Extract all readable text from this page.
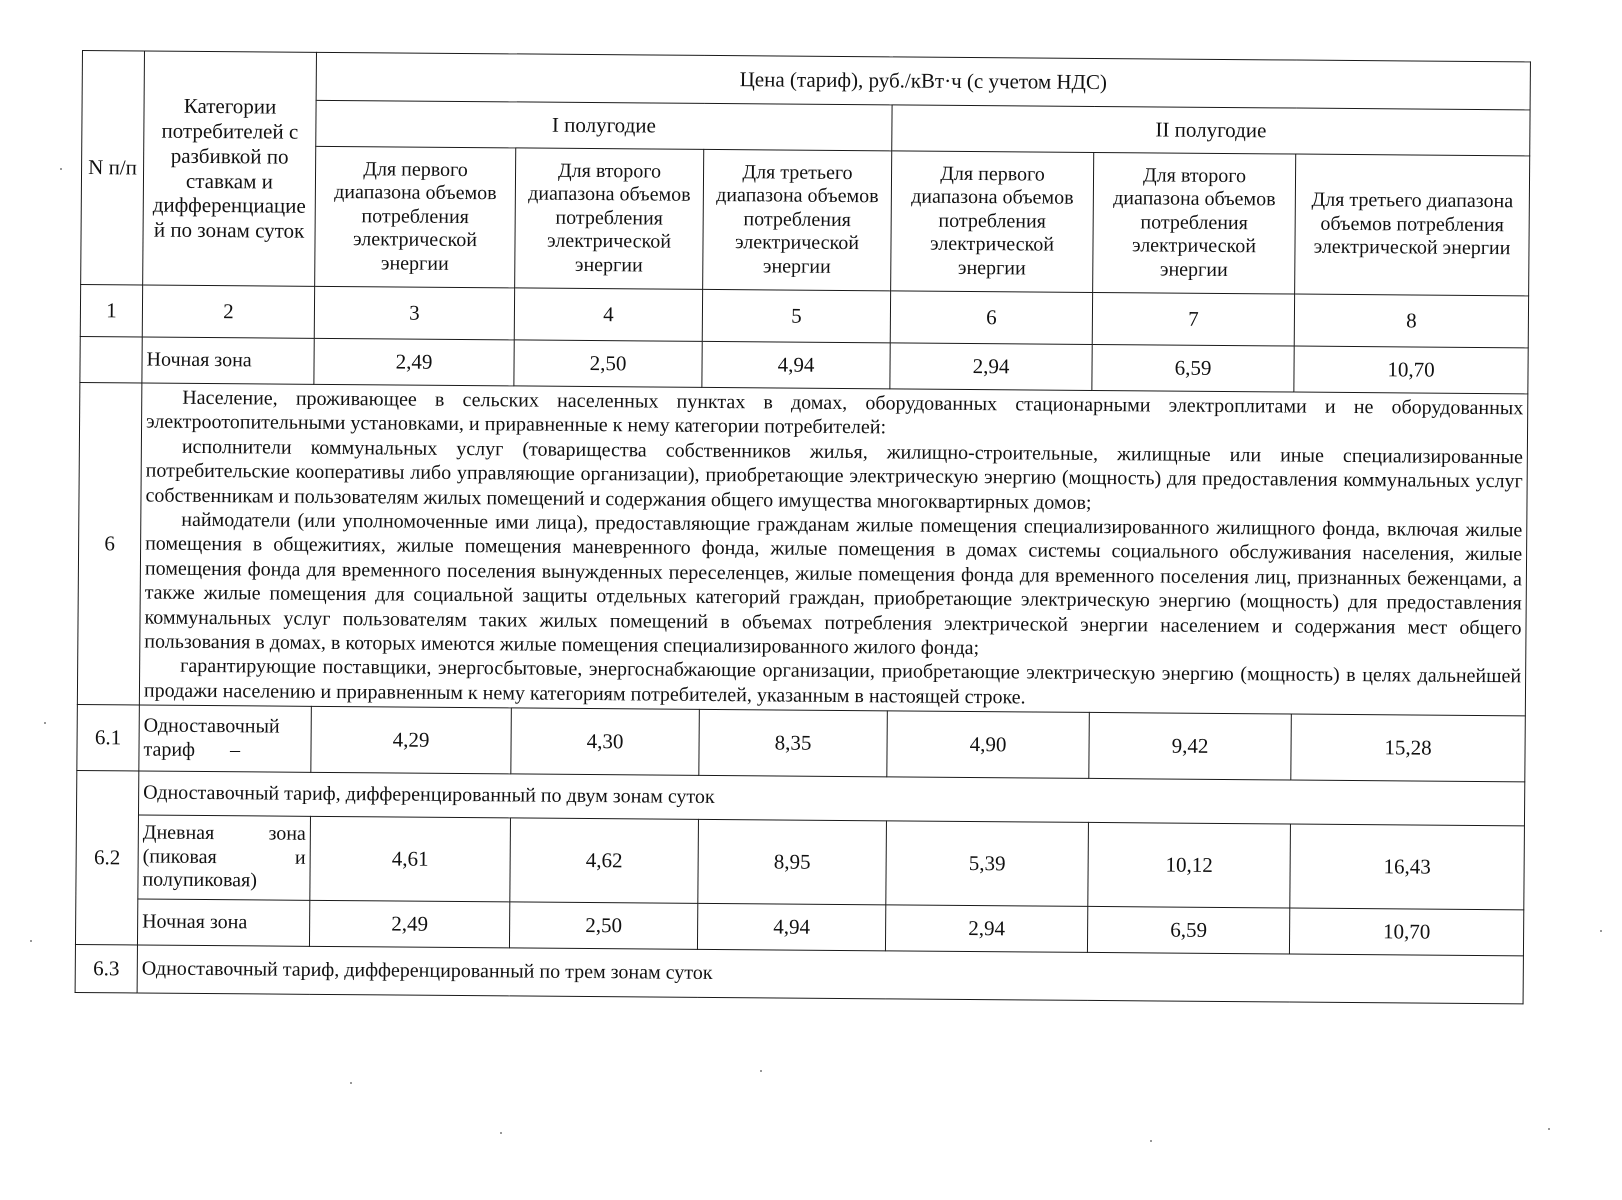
N п/п	Категории потребителей с разбивкой по ставкам и дифференциацие й по зонам суток	Цена (тариф), руб./кВт·ч (с учетом НДС)					
		I полугодие			II полугодие		
		Для первого диапазона объемов потребления электрической энергии	Для второго диапазона объемов потребления электрической энергии	Для третьего диапазона объемов потребления электрической энергии	Для первого диапазона объемов потребления электрической энергии	Для второго диапазона объемов потребления электрической энергии	Для третьего диапазона объемов потребления электрической энергии
1	2	3	4	5	6	7	8
	Ночная зона	2,49	2,50	4,94	2,94	6,59	10,70
6	Население, проживающее в сельских населенных пунктах в домах, оборудованных стационарными электроплитами и не оборудованных электроотопительными установками, и приравненные к нему категории потребителей:

исполнители коммунальных услуг (товарищества собственников жилья, жилищно-строительные, жилищные или иные специализированные потребительские кооперативы либо управляющие организации), приобретающие электрическую энергию (мощность) для предоставления коммунальных услуг собственникам и пользователям жилых помещений и содержания общего имущества многоквартирных домов;

наймодатели (или уполномоченные ими лица), предоставляющие гражданам жилые помещения специализированного жилищного фонда, включая жилые помещения в общежитиях, жилые помещения маневренного фонда, жилые помещения в домах системы социального обслуживания населения, жилые помещения фонда для временного поселения вынужденных переселенцев, жилые помещения фонда для временного поселения лиц, признанных беженцами, а также жилые помещения для социальной защиты отдельных категорий граждан, приобретающие электрическую энергию (мощность) для предоставления коммунальных услуг пользователям таких жилых помещений в объемах потребления электрической энергии населением и содержания мест общего пользования в домах, в которых имеются жилые помещения специализированного жилого фонда;

гарантирующие поставщики, энергосбытовые, энергоснабжающие организации, приобретающие электрическую энергию (мощность) в целях дальнейшей продажи населению и приравненным к нему категориям потребителей, указанным в настоящей строке.						

6.1	Одноставочный тариф –	4,29	4,30	8,35	4,90	9,42	15,28
6.2	Одноставочный тариф, дифференцированный по двум зонам суток						
	Дневная зона (пиковая и полупиковая)	4,61	4,62	8,95	5,39	10,12	16,43
	Ночная зона	2,49	2,50	4,94	2,94	6,59	10,70
6.3	Одноставочный тариф, дифференцированный по трем зонам суток						
